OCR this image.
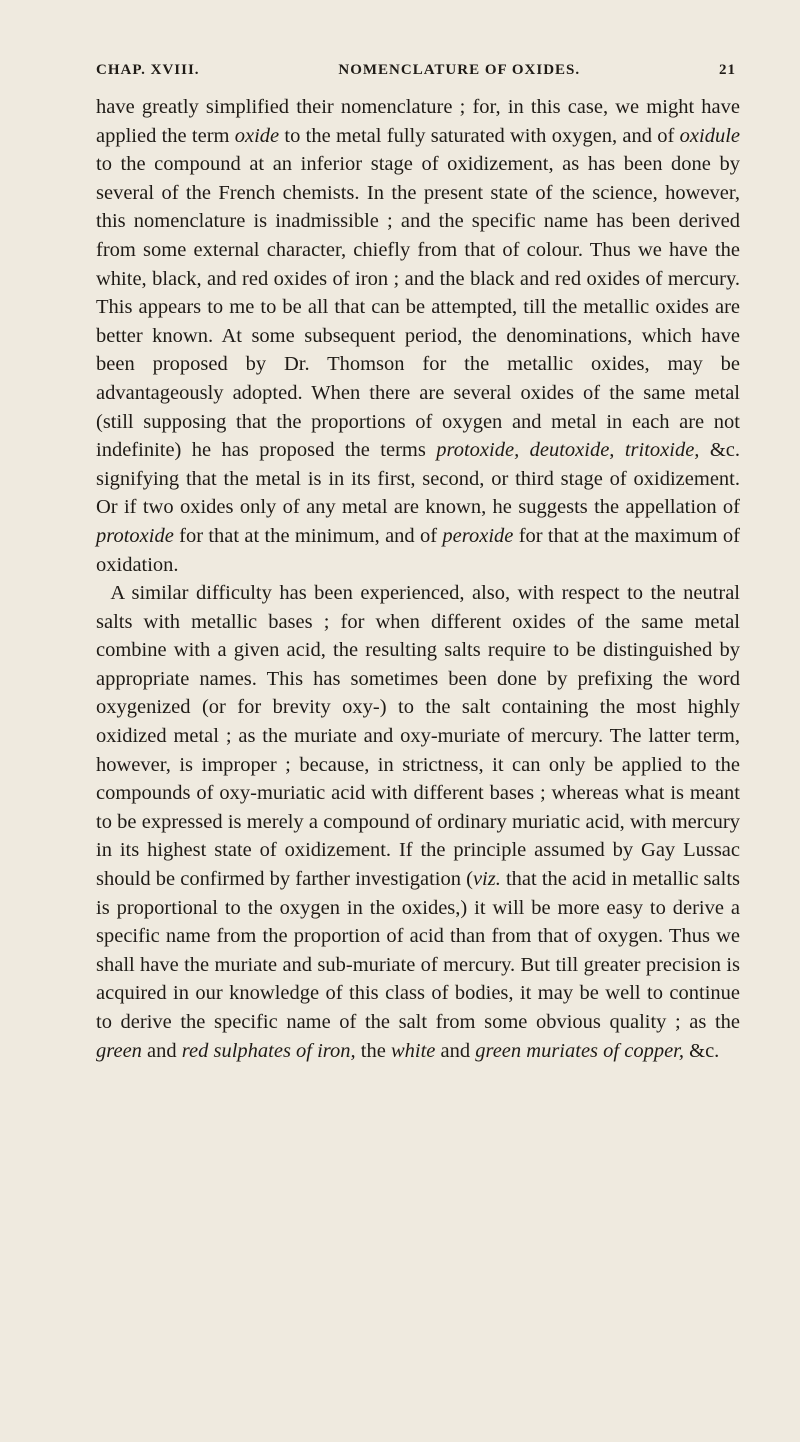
CHAP. XVIII.	NOMENCLATURE OF OXIDES.	21

have greatly simplified their nomenclature ; for, in this case, we might have applied the term oxide to the metal fully saturated with oxygen, and of oxidule to the compound at an inferior stage of oxidizement, as has been done by several of the French chemists. In the present state of the science, however, this nomenclature is inadmissible ; and the specific name has been derived from some external character, chiefly from that of colour. Thus we have the white, black, and red oxides of iron ; and the black and red oxides of mercury. This appears to me to be all that can be attempted, till the metallic oxides are better known. At some subsequent period, the denominations, which have been proposed by Dr. Thomson for the metallic oxides, may be advantageously adopted. When there are several oxides of the same metal (still supposing that the proportions of oxygen and metal in each are not indefinite) he has proposed the terms protoxide, deutoxide, tritoxide, &c. signifying that the metal is in its first, second, or third stage of oxidizement. Or if two oxides only of any metal are known, he suggests the appellation of protoxide for that at the minimum, and of peroxide for that at the maximum of oxidation.

A similar difficulty has been experienced, also, with respect to the neutral salts with metallic bases ; for when different oxides of the same metal combine with a given acid, the resulting salts require to be distinguished by appropriate names. This has sometimes been done by prefixing the word oxygenized (or for brevity oxy-) to the salt containing the most highly oxidized metal ; as the muriate and oxy-muriate of mercury. The latter term, however, is improper ; because, in strictness, it can only be applied to the compounds of oxy-muriatic acid with different bases ; whereas what is meant to be expressed is merely a compound of ordinary muriatic acid, with mercury in its highest state of oxidizement. If the principle assumed by Gay Lussac should be confirmed by farther investigation (viz. that the acid in metallic salts is proportional to the oxygen in the oxides,) it will be more easy to derive a specific name from the proportion of acid than from that of oxygen. Thus we shall have the muriate and sub-muriate of mercury. But till greater precision is acquired in our knowledge of this class of bodies, it may be well to continue to derive the specific name of the salt from some obvious quality ; as the green and red sulphates of iron, the white and green muriates of copper, &c.
